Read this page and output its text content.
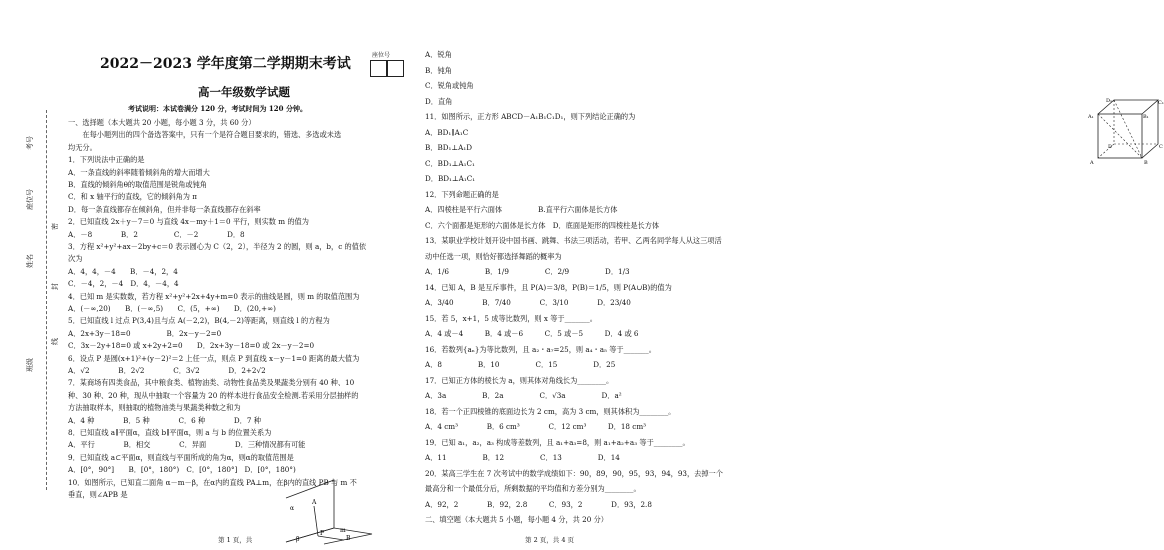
考号
座位号
姓名
班级
密
封
线
2022－2023 学年度第二学期期末考试
座位号
高一年级数学试题
考试说明：本试卷满分 120 分，考试时间为 120 分钟。
一、选择题（本大题共 20 小题，每小题 3 分，共 60 分）
　　在每小题列出的四个备选答案中，只有一个是符合题目要求的，错选、多选或未选
均无分。
1．下列说法中正确的是
A．一条直线的斜率随着倾斜角的增大而增大
B．直线的倾斜角θ的取值范围是锐角或钝角
C．和 x 轴平行的直线，它的倾斜角为 π
D．每一条直线都存在倾斜角，但并非每一条直线都存在斜率
2．已知直线 2x＋y－7＝0 与直线 4x－my＋1＝0 平行，则实数 m 的值为
A．－8　　　　B．2　　　　　C．－2　　　　D．8
3．方程 x²+y²+ax－2by+c＝0 表示圆心为 C（2，2），半径为 2 的圆，则 a，b，c 的值依
次为
A．4，4，－4　　B．－4，2，4
C．－4，2，－4　D．4，－4，4
4．已知 m 是实数数，若方程 x²+y²+2x+4y+m=0 表示的曲线是圆，则 m 的取值范围为
A．(－∞,20)　　B．(－∞,5)　　C．(5，+∞)　　D．(20,+∞)
5．已知直线 l 过点 P(3,4)且与点 A(－2,2)，B(4,－2)等距离，则直线 l 的方程为
A．2x+3y－18=0　　　　　B．2x－y－2=0
C．3x－2y+18=0 或 x+2y+2=0　　D．2x+3y－18=0 或 2x－y－2=0
6．设点 P 是圆(x+1)²+(y－2)²＝2 上任一点，则点 P 到直线 x－y－1=0 距离的最大值为
A．√2　　　　B．2√2　　　　C．3√2　　　　D．2+2√2
7．某商场有四类食品，其中粮食类、植物油类、动物性食品类及果蔬类分别有 40 种、10
种、30 种、20 种，现从中抽取一个容量为 20 的样本进行食品安全检测.若采用分层抽样的
方法抽取样本，则抽取的植物油类与果蔬类种数之和为
A．4 种　　　　B．5 种　　　　C．6 种　　　　D．7 种
8．已知直线 a∥平面α，直线 b∥平面α，则 a 与 b 的位置关系为
A．平行　　　　B．相交　　　　C．异面　　　　D．三种情况都有可能
9．已知直线 a⊂平面α，则直线与平面所成的角为α，则α的取值范围是
A．[0°，90°]　　B．[0°，180°)　C．[0°，180°]　D．[0°，180°)
10．如图所示，已知直二面角 α－m－β，在α内的直线 PA⊥m，在β内的直线 PB 与 m 不
垂直，则∠APB 是
A
P	m
B
α
β
第 1 页，共
A．锐角
B．钝角
C．锐角或钝角
D．直角
11．如图所示，正方形 ABCD－A₁B₁C₁D₁，则下列结论正确的为
A．BD₁∥A₁C
B．BD₁⊥A₁D
C．BD₁⊥A₁C₁
D．BD₁⊥A₁C₁
12．下列命题正确的是
A．四棱柱是平行六面体　　　　　B.直平行六面体是长方体
C．六个面都是矩形的六面体是长方体　D．底面是矩形的四棱柱是长方体
13．某职业学校计划开设中国书画、跳舞、书法三项活动，若甲、乙两名同学每人从这三项活
动中任选一项，则恰好都选择舞蹈的概率为
A．1/6　　　　　B．1/9　　　　　C．2/9　　　　　D．1/3
14．已知 A，B 是互斥事件，且 P(A)＝3/8，P(B)＝1/5，则 P(A∪B)的值为
A．3/40　　　　B．7/40　　　　C．3/10　　　　D．23/40
15．若 5，x+1，5 成等比数列，则 x 等于_______。
A．4 或－4　　　B．4 或－6　　　C．5 或－5　　　D．4 或 6
16．若数列{aₙ}为等比数列，且 a₂・a₇=25，则 a₄・a₅ 等于_______。
A．8　　　　　B．10　　　　　C．15　　　　　D．25
17．已知正方体的棱长为 a，则其体对角线长为________。
A．3a　　　　　B．2a　　　　　C．√3a　　　　　D．a²
18．若一个正四棱锥的底面边长为 2 cm，高为 3 cm，则其体积为________。
A．4 cm³　　　　B．6 cm³　　　　C．12 cm³　　　D．18 cm³
19．已知 a₁，a₂，a₃ 构成等差数列，且 a₁+a₃=8，则 a₁+a₂+a₃ 等于________。
A．11　　　　　B．12　　　　　C．13　　　　　D．14
20．某高三学生在 7 次考试中的数学成绩如下：90，89，90，95，93，94，93，去掉一个
最高分和一个最低分后，所剩数据的平均值和方差分别为________。
A．92，2　　　　B．92，2.8　　　C．93，2　　　　D．93，2.8
二、填空题（本大题共 5 小题，每小题 4 分，共 20 分）
A	B
C
D
A₁	B₁
C₁
D₁
第 2 页，共 4 页
